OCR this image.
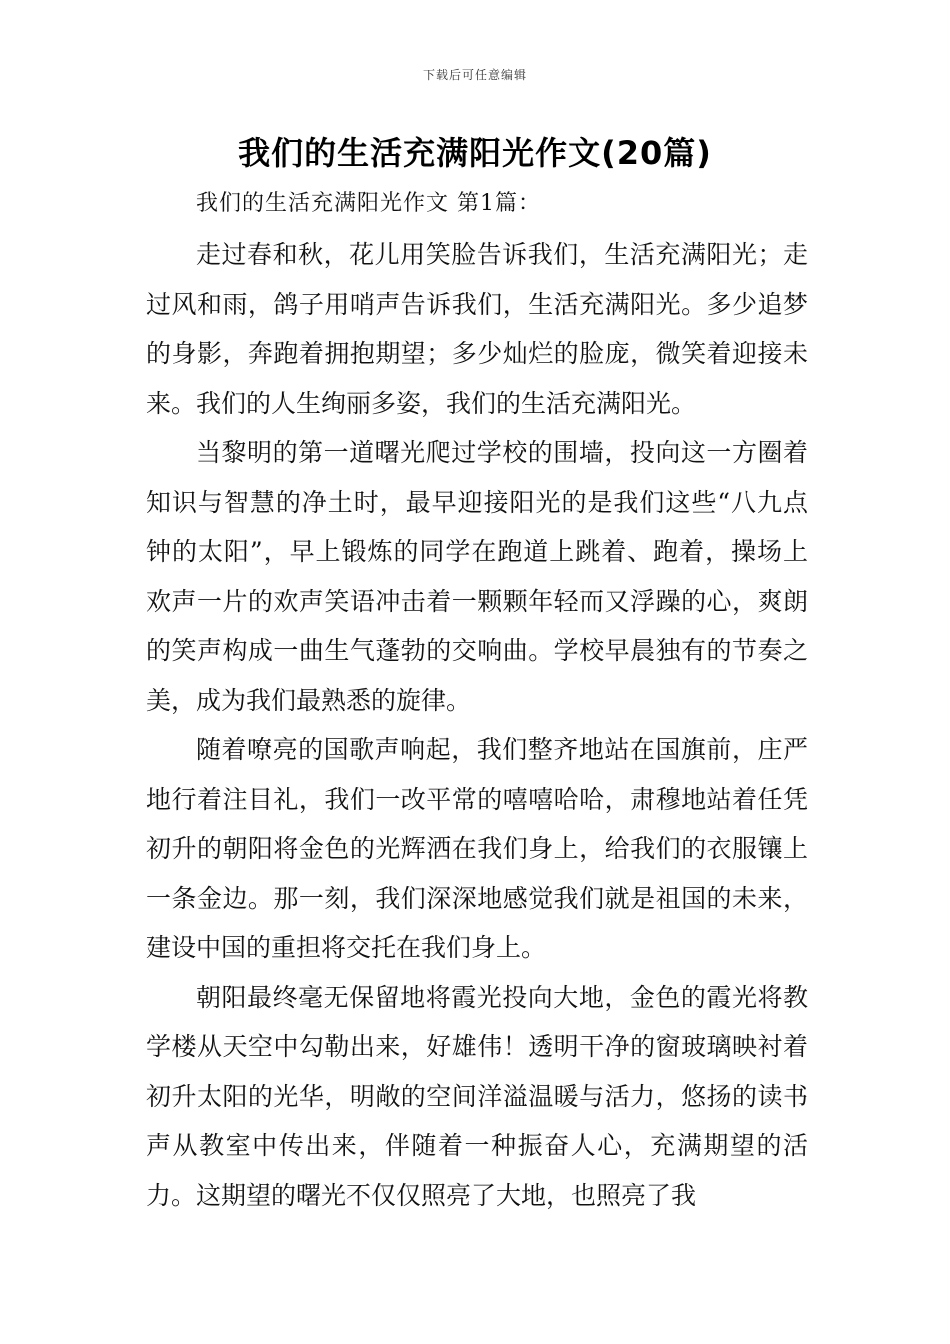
下载后可任意编辑
我们的生活充满阳光作文(20篇)
我们的生活充满阳光作文 第1篇：

走过春和秋，花儿用笑脸告诉我们，生活充满阳光；走过风和雨，鸽子用哨声告诉我们，生活充满阳光。多少追梦的身影，奔跑着拥抱期望；多少灿烂的脸庞，微笑着迎接未来。我们的人生绚丽多姿，我们的生活充满阳光。

当黎明的第一道曙光爬过学校的围墙，投向这一方圈着知识与智慧的净土时，最早迎接阳光的是我们这些“八九点钟的太阳”，早上锻炼的同学在跑道上跳着、跑着，操场上欢声一片的欢声笑语冲击着一颗颗年轻而又浮躁的心，爽朗的笑声构成一曲生气蓬勃的交响曲。学校早晨独有的节奏之美，成为我们最熟悉的旋律。

随着嘹亮的国歌声响起，我们整齐地站在国旗前，庄严地行着注目礼，我们一改平常的嘻嘻哈哈，肃穆地站着任凭初升的朝阳将金色的光辉洒在我们身上，给我们的衣服镶上一条金边。那一刻，我们深深地感觉我们就是祖国的未来，建设中国的重担将交托在我们身上。

朝阳最终毫无保留地将霞光投向大地，金色的霞光将教学楼从天空中勾勒出来，好雄伟！透明干净的窗玻璃映衬着初升太阳的光华，明敞的空间洋溢温暖与活力，悠扬的读书声从教室中传出来，伴随着一种振奋人心，充满期望的活力。这期望的曙光不仅仅照亮了大地，也照亮了我
